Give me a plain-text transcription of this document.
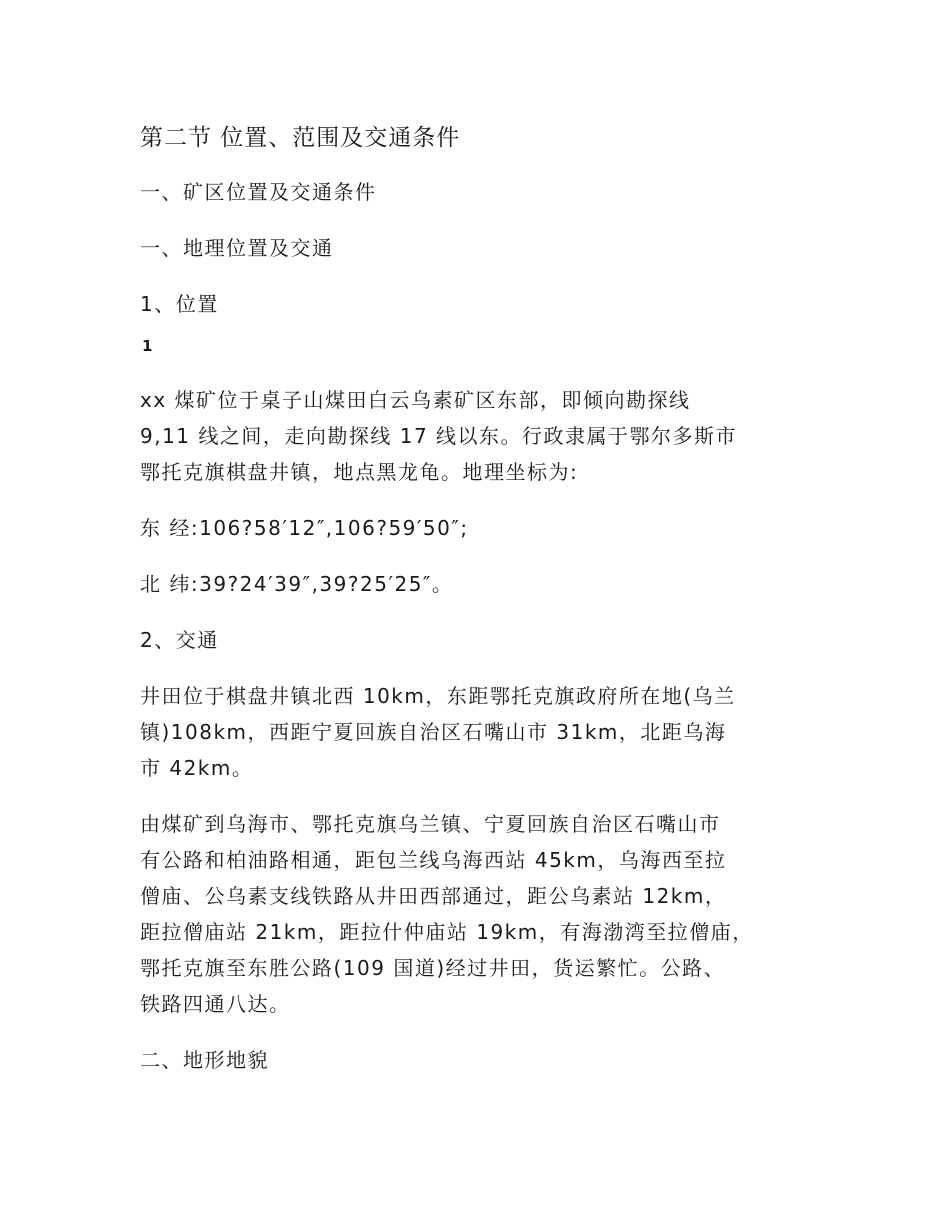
第二节 位置、范围及交通条件
一、矿区位置及交通条件
一、地理位置及交通
1、位置
1
xx 煤矿位于桌子山煤田白云乌素矿区东部，即倾向勘探线
9,11 线之间，走向勘探线 17 线以东。行政隶属于鄂尔多斯市
鄂托克旗棋盘井镇，地点黑龙龟。地理坐标为:
东 经:106?58′12″,106?59′50″;
北 纬:39?24′39″,39?25′25″。
2、交通
井田位于棋盘井镇北西 10km，东距鄂托克旗政府所在地(乌兰
镇)108km，西距宁夏回族自治区石嘴山市 31km，北距乌海
市 42km。
由煤矿到乌海市、鄂托克旗乌兰镇、宁夏回族自治区石嘴山市
有公路和柏油路相通，距包兰线乌海西站 45km，乌海西至拉
僧庙、公乌素支线铁路从井田西部通过，距公乌素站 12km，
距拉僧庙站 21km，距拉什仲庙站 19km，有海渤湾至拉僧庙，
鄂托克旗至东胜公路(109 国道)经过井田，货运繁忙。公路、
铁路四通八达。
二、地形地貌
